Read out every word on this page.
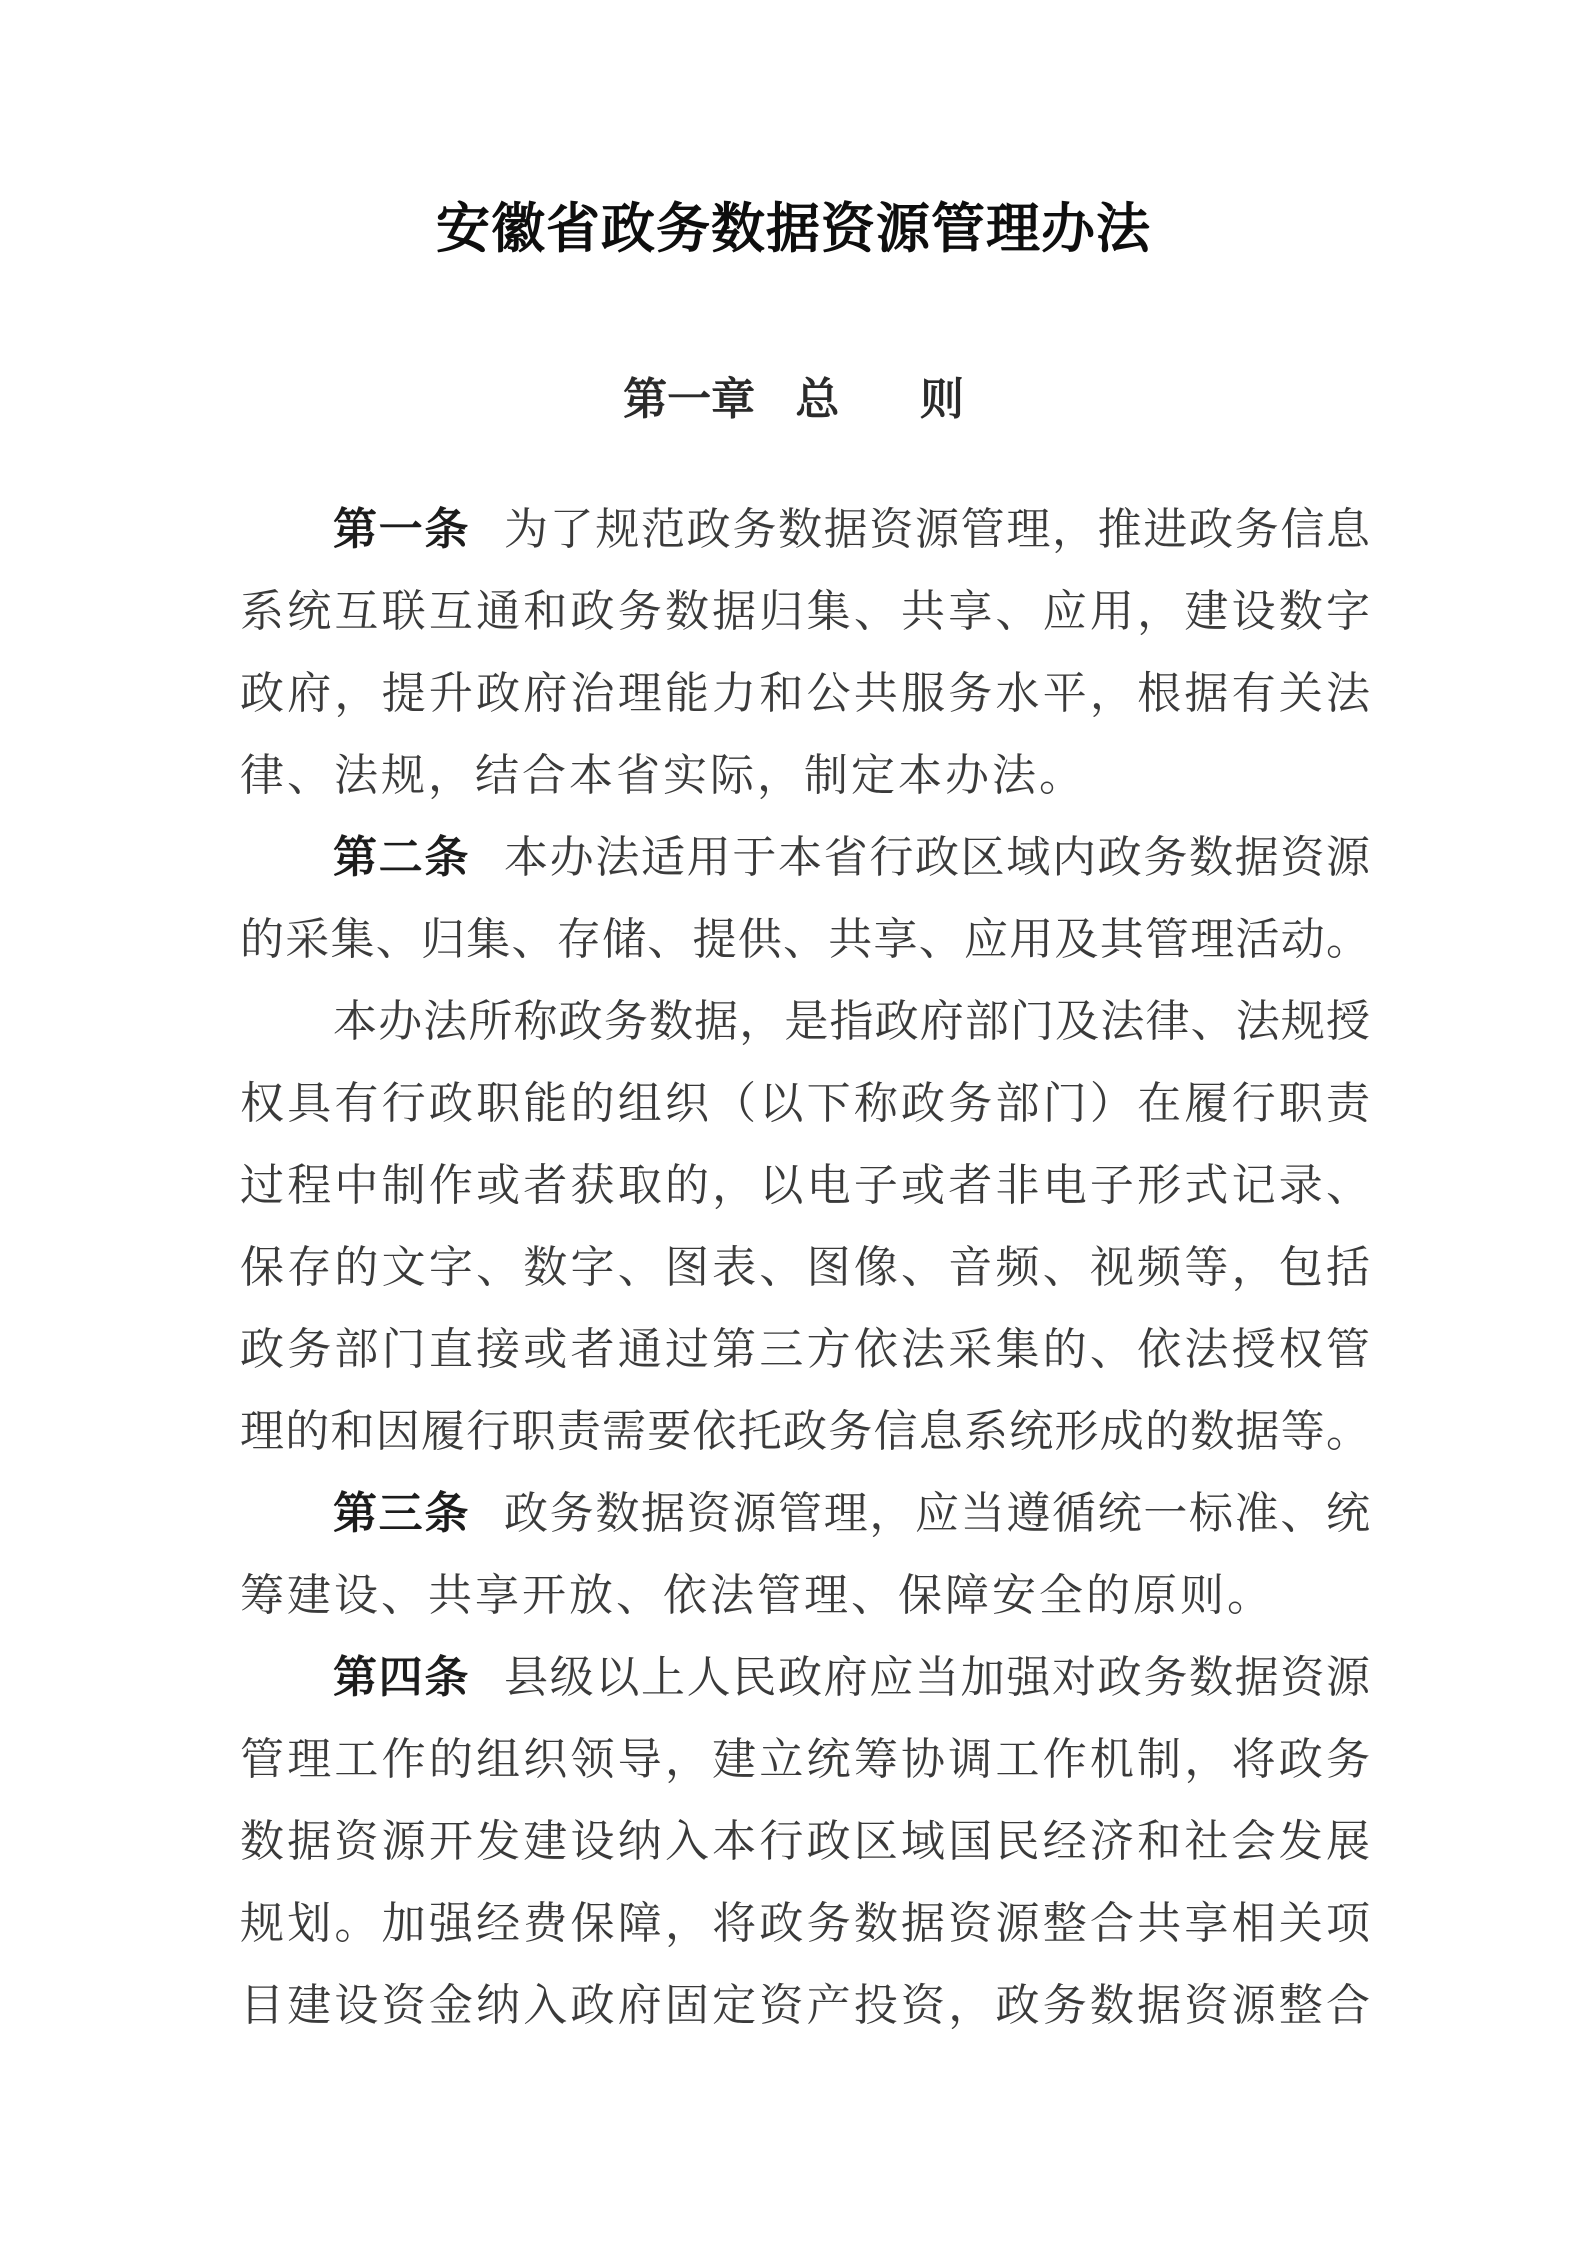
安徽省政务数据资源管理办法
第一章 总  则
第一条 为了规范政务数据资源管理，推进政务信息
系统互联互通和政务数据归集、共享、应用，建设数字
政府，提升政府治理能力和公共服务水平，根据有关法
律、法规，结合本省实际，制定本办法。
第二条 本办法适用于本省行政区域内政务数据资源
的采集、归集、存储、提供、共享、应用及其管理活动。
本办法所称政务数据，是指政府部门及法律、法规授
权具有行政职能的组织（以下称政务部门）在履行职责
过程中制作或者获取的，以电子或者非电子形式记录、
保存的文字、数字、图表、图像、音频、视频等，包括
政务部门直接或者通过第三方依法采集的、依法授权管
理的和因履行职责需要依托政务信息系统形成的数据等。
第三条 政务数据资源管理，应当遵循统一标准、统
筹建设、共享开放、依法管理、保障安全的原则。
第四条 县级以上人民政府应当加强对政务数据资源
管理工作的组织领导，建立统筹协调工作机制，将政务
数据资源开发建设纳入本行政区域国民经济和社会发展
规划。加强经费保障，将政务数据资源整合共享相关项
目建设资金纳入政府固定资产投资，政务数据资源整合
